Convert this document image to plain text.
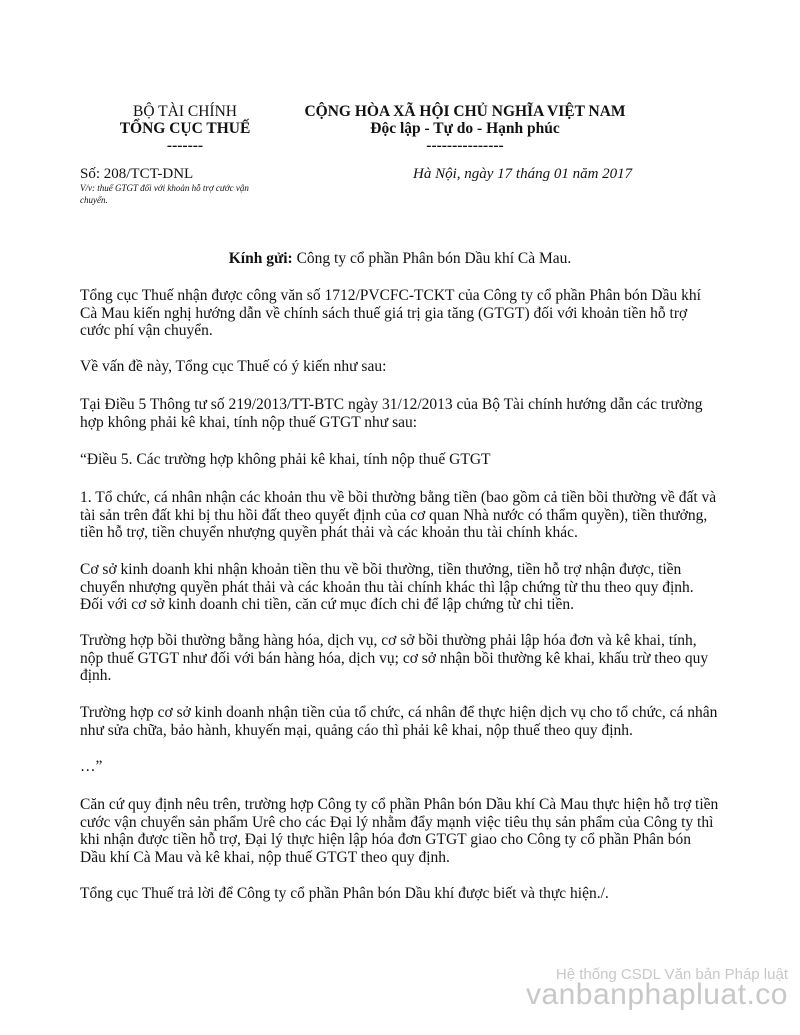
BỘ TÀI CHÍNH
TỔNG CỤC THUẾ
-------
CỘNG HÒA XÃ HỘI CHỦ NGHĨA VIỆT NAM
Độc lập - Tự do - Hạnh phúc
---------------
Số: 208/TCT-DNL
V/v: thuế GTGT đối với khoản hỗ trợ cước vận chuyển.
Hà Nội, ngày 17 tháng 01 năm 2017
Kính gửi: Công ty cổ phần Phân bón Dầu khí Cà Mau.
Tổng cục Thuế nhận được công văn số 1712/PVCFC-TCKT của Công ty cổ phần Phân bón Dầu khí Cà Mau kiến nghị hướng dẫn về chính sách thuế giá trị gia tăng (GTGT) đối với khoản tiền hỗ trợ cước phí vận chuyển.
Về vấn đề này, Tổng cục Thuế có ý kiến như sau:
Tại Điều 5 Thông tư số 219/2013/TT-BTC ngày 31/12/2013 của Bộ Tài chính hướng dẫn các trường hợp không phải kê khai, tính nộp thuế GTGT như sau:
“Điều 5. Các trường hợp không phải kê khai, tính nộp thuế GTGT
1. Tổ chức, cá nhân nhận các khoản thu về bồi thường bằng tiền (bao gồm cả tiền bồi thường về đất và tài sản trên đất khi bị thu hồi đất theo quyết định của cơ quan Nhà nước có thẩm quyền), tiền thưởng, tiền hỗ trợ, tiền chuyển nhượng quyền phát thải và các khoản thu tài chính khác.
Cơ sở kinh doanh khi nhận khoản tiền thu về bồi thường, tiền thưởng, tiền hỗ trợ nhận được, tiền chuyển nhượng quyền phát thải và các khoản thu tài chính khác thì lập chứng từ thu theo quy định. Đối với cơ sở kinh doanh chi tiền, căn cứ mục đích chi để lập chứng từ chi tiền.
Trường hợp bồi thường bằng hàng hóa, dịch vụ, cơ sở bồi thường phải lập hóa đơn và kê khai, tính, nộp thuế GTGT như đối với bán hàng hóa, dịch vụ; cơ sở nhận bồi thường kê khai, khấu trừ theo quy định.
Trường hợp cơ sở kinh doanh nhận tiền của tổ chức, cá nhân để thực hiện dịch vụ cho tổ chức, cá nhân như sửa chữa, bảo hành, khuyến mại, quảng cáo thì phải kê khai, nộp thuế theo quy định.
…”
Căn cứ quy định nêu trên, trường hợp Công ty cổ phần Phân bón Dầu khí Cà Mau thực hiện hỗ trợ tiền cước vận chuyển sản phẩm Urê cho các Đại lý nhằm đẩy mạnh việc tiêu thụ sản phẩm của Công ty thì khi nhận được tiền hỗ trợ, Đại lý thực hiện lập hóa đơn GTGT giao cho Công ty cổ phần Phân bón Dầu khí Cà Mau và kê khai, nộp thuế GTGT theo quy định.
Tổng cục Thuế trả lời để Công ty cổ phần Phân bón Dầu khí được biết và thực hiện./.
Hệ thống CSDL Văn bản Pháp luật
vanbanphapluat.co
